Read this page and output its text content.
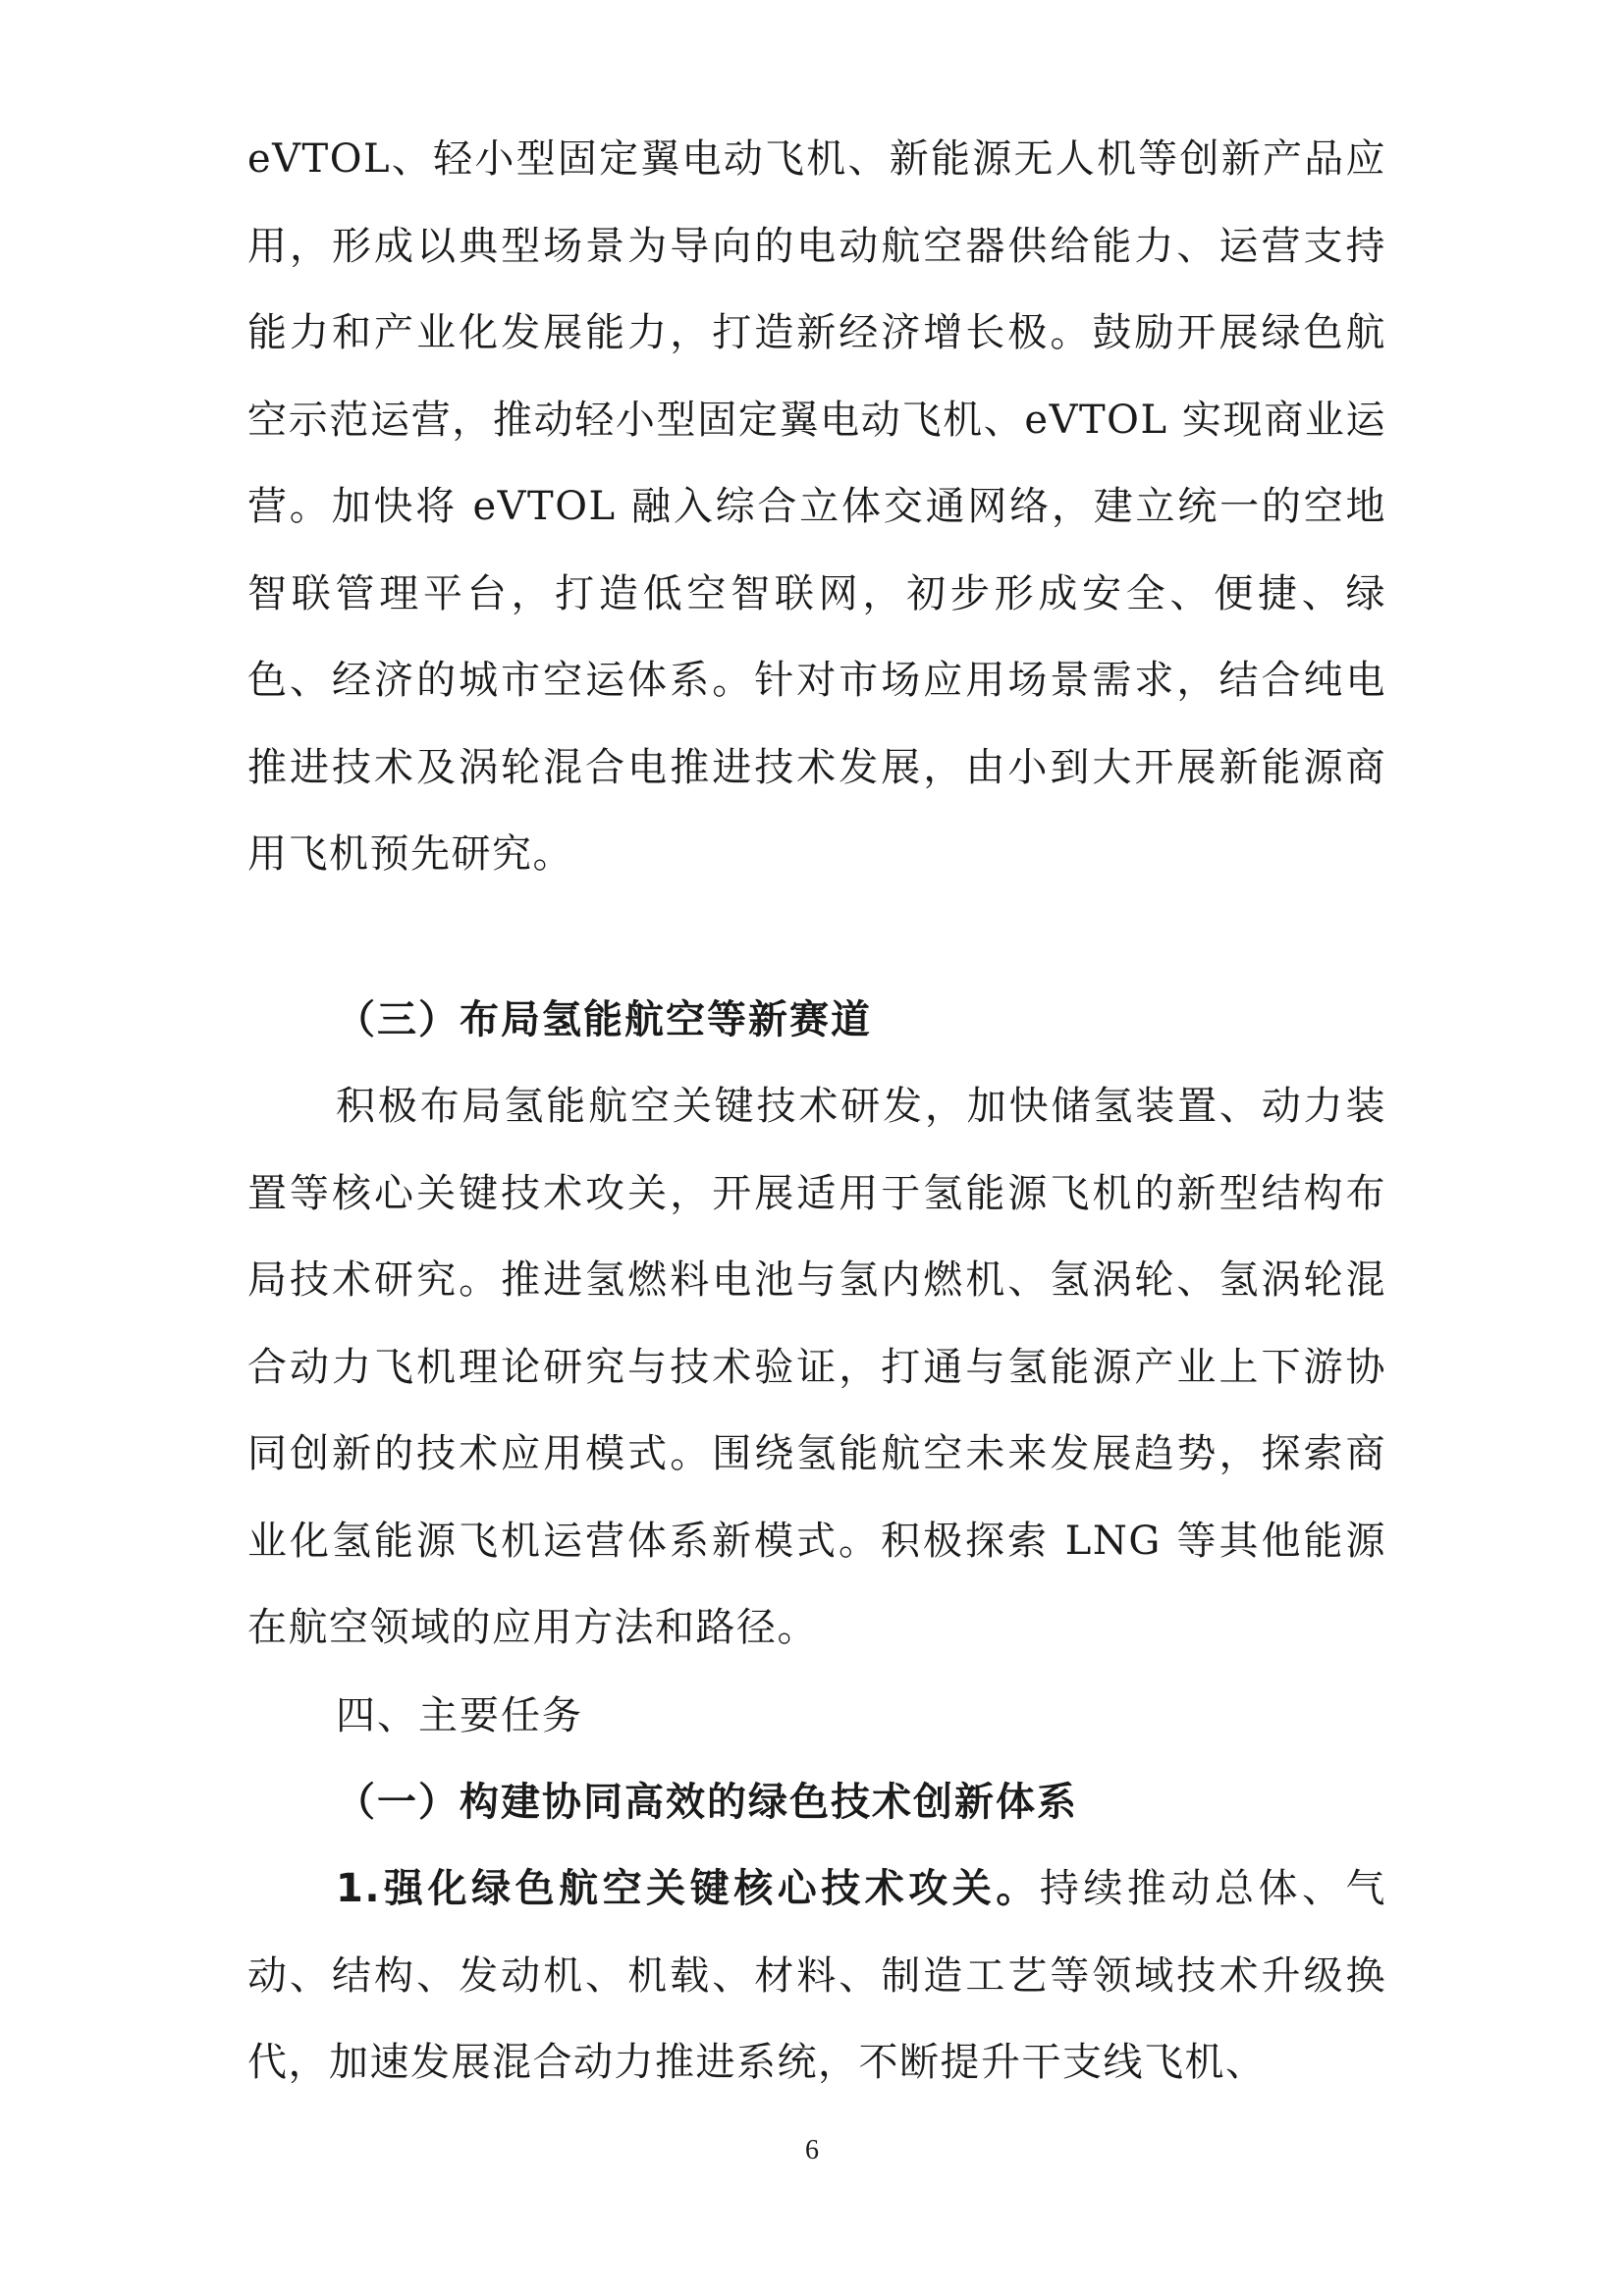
eVTOL、轻小型固定翼电动飞机、新能源无人机等创新产品应用，形成以典型场景为导向的电动航空器供给能力、运营支持能力和产业化发展能力，打造新经济增长极。鼓励开展绿色航空示范运营，推动轻小型固定翼电动飞机、eVTOL 实现商业运营。加快将 eVTOL 融入综合立体交通网络，建立统一的空地智联管理平台，打造低空智联网，初步形成安全、便捷、绿色、经济的城市空运体系。针对市场应用场景需求，结合纯电推进技术及涡轮混合电推进技术发展，由小到大开展新能源商用飞机预先研究。

（三）布局氢能航空等新赛道

积极布局氢能航空关键技术研发，加快储氢装置、动力装置等核心关键技术攻关，开展适用于氢能源飞机的新型结构布局技术研究。推进氢燃料电池与氢内燃机、氢涡轮、氢涡轮混合动力飞机理论研究与技术验证，打通与氢能源产业上下游协同创新的技术应用模式。围绕氢能航空未来发展趋势，探索商业化氢能源飞机运营体系新模式。积极探索 LNG 等其他能源在航空领域的应用方法和路径。

四、主要任务

（一）构建协同高效的绿色技术创新体系

1.强化绿色航空关键核心技术攻关。持续推动总体、气动、结构、发动机、机载、材料、制造工艺等领域技术升级换代，加速发展混合动力推进系统，不断提升干支线飞机、

6
